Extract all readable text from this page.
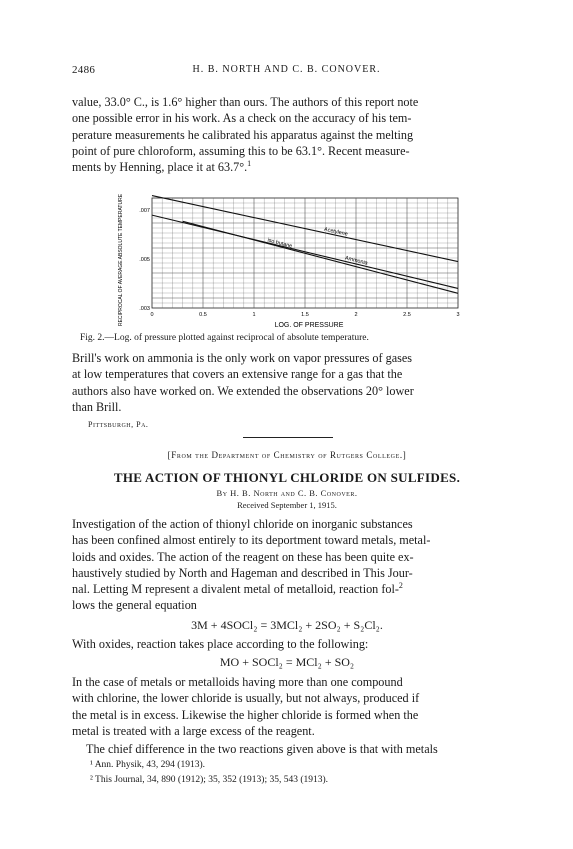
2486	H. B. NORTH AND C. B. CONOVER.
value, 33.0° C., is 1.6° higher than ours. The authors of this report note
one possible error in his work. As a check on the accuracy of his tem-
perature measurements he calibrated his apparatus against the melting
point of pure chloroform, assuming this to be 63.1°. Recent measure-
ments by Henning, place it at 63.7°.$^1$
Acetylene
iso butane
Ammonia
0	0.5	1	1.5	2	2.5	3
.003
.005
.007
RECIPROCAL OF AVERAGE ABSOLUTE TEMPERATURE	LOG. OF PRESSURE
Fig. 2.—Log. of pressure plotted against reciprocal of absolute temperature.
Brill's work on ammonia is the only work on vapor pressures of gases
at low temperatures that covers an extensive range for a gas that the
authors also have worked on. We extended the observations 20° lower
than Brill.
Pittsburgh, Pa.
[From the Department of Chemistry of Rutgers College.]
THE ACTION OF THIONYL CHLORIDE ON SULFIDES.
By H. B. North and C. B. Conover.
Received September 1, 1915.
Investigation of the action of thionyl chloride on inorganic substances
has been confined almost entirely to its deportment toward metals, metal-
loids and oxides. The action of the reagent on these has been quite ex-
haustively studied by North and Hageman and described in This Jour-
nal. Letting M represent a divalent metal of metalloid, reaction fol-$^2$
lows the general equation
3M + 4SOCl₂ = 3MCl₂ + 2SO₂ + S₂Cl₂.
With oxides, reaction takes place according to the following:
MO + SOCl₂ = MCl₂ + SO₂
In the case of metals or metalloids having more than one compound
with chlorine, the lower chloride is usually, but not always, produced if
the metal is in excess. Likewise the higher chloride is formed when the
metal is treated with a large excess of the reagent.
The chief difference in the two reactions given above is that with metals
¹ Ann. Physik, 43, 294 (1913).
² This Journal, 34, 890 (1912); 35, 352 (1913); 35, 543 (1913).
